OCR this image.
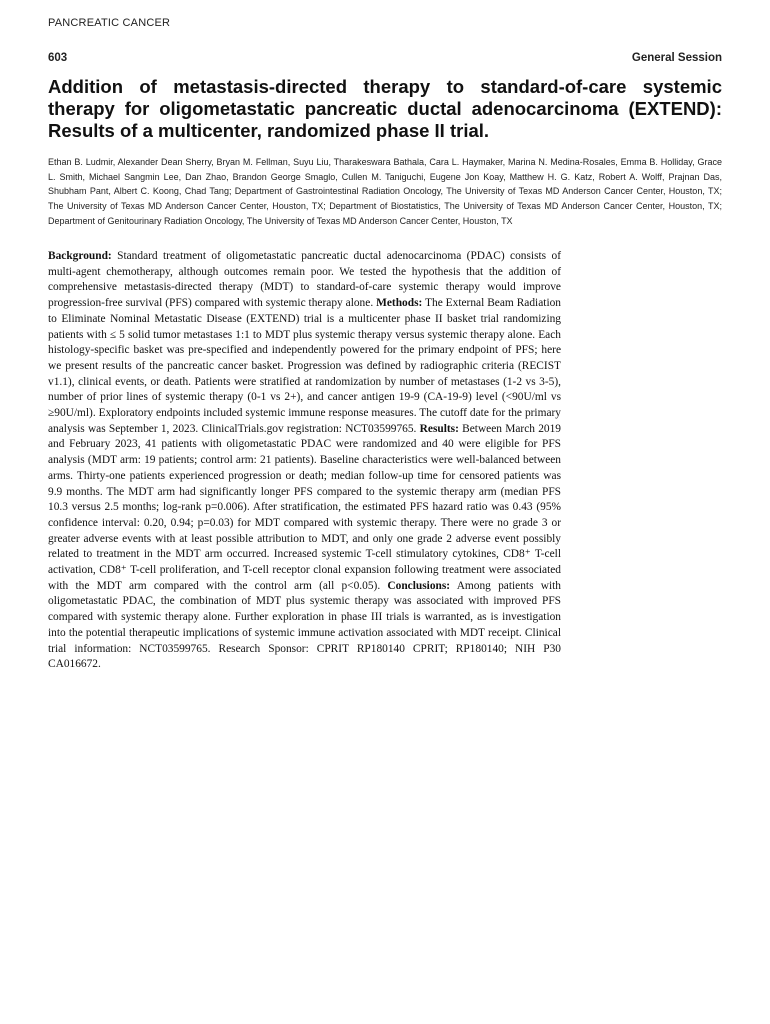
PANCREATIC CANCER
603	General Session
Addition of metastasis-directed therapy to standard-of-care systemic therapy for oligometastatic pancreatic ductal adenocarcinoma (EXTEND): Results of a multicenter, randomized phase II trial.

Ethan B. Ludmir, Alexander Dean Sherry, Bryan M. Fellman, Suyu Liu, Tharakeswara Bathala, Cara L. Haymaker, Marina N. Medina-Rosales, Emma B. Holliday, Grace L. Smith, Michael Sangmin Lee, Dan Zhao, Brandon George Smaglo, Cullen M. Taniguchi, Eugene Jon Koay, Matthew H. G. Katz, Robert A. Wolff, Prajnan Das, Shubham Pant, Albert C. Koong, Chad Tang; Department of Gastrointestinal Radiation Oncology, The University of Texas MD Anderson Cancer Center, Houston, TX; The University of Texas MD Anderson Cancer Center, Houston, TX; Department of Biostatistics, The University of Texas MD Anderson Cancer Center, Houston, TX; Department of Genitourinary Radiation Oncology, The University of Texas MD Anderson Cancer Center, Houston, TX

Background: Standard treatment of oligometastatic pancreatic ductal adenocarcinoma (PDAC) consists of multi-agent chemotherapy, although outcomes remain poor. We tested the hypothesis that the addition of comprehensive metastasis-directed therapy (MDT) to standard-of-care systemic therapy would improve progression-free survival (PFS) compared with systemic therapy alone. Methods: The External Beam Radiation to Eliminate Nominal Metastatic Disease (EXTEND) trial is a multicenter phase II basket trial randomizing patients with ≤ 5 solid tumor metastases 1:1 to MDT plus systemic therapy versus systemic therapy alone. Each histology-specific basket was pre-specified and independently powered for the primary endpoint of PFS; here we present results of the pancreatic cancer basket. Progression was defined by radiographic criteria (RECIST v1.1), clinical events, or death. Patients were stratified at randomization by number of metastases (1-2 vs 3-5), number of prior lines of systemic therapy (0-1 vs 2+), and cancer antigen 19-9 (CA-19-9) level (<90U/ml vs ≥90U/ml). Exploratory endpoints included systemic immune response measures. The cutoff date for the primary analysis was September 1, 2023. ClinicalTrials.gov registration: NCT03599765. Results: Between March 2019 and February 2023, 41 patients with oligometastatic PDAC were randomized and 40 were eligible for PFS analysis (MDT arm: 19 patients; control arm: 21 patients). Baseline characteristics were well-balanced between arms. Thirty-one patients experienced progression or death; median follow-up time for censored patients was 9.9 months. The MDT arm had significantly longer PFS compared to the systemic therapy arm (median PFS 10.3 versus 2.5 months; log-rank p=0.006). After stratification, the estimated PFS hazard ratio was 0.43 (95% confidence interval: 0.20, 0.94; p=0.03) for MDT compared with systemic therapy. There were no grade 3 or greater adverse events with at least possible attribution to MDT, and only one grade 2 adverse event possibly related to treatment in the MDT arm occurred. Increased systemic T-cell stimulatory cytokines, CD8⁺ T-cell activation, CD8⁺ T-cell proliferation, and T-cell receptor clonal expansion following treatment were associated with the MDT arm compared with the control arm (all p<0.05). Conclusions: Among patients with oligometastatic PDAC, the combination of MDT plus systemic therapy was associated with improved PFS compared with systemic therapy alone. Further exploration in phase III trials is warranted, as is investigation into the potential therapeutic implications of systemic immune activation associated with MDT receipt. Clinical trial information: NCT03599765. Research Sponsor: CPRIT RP180140 CPRIT; RP180140; NIH P30 CA016672.
